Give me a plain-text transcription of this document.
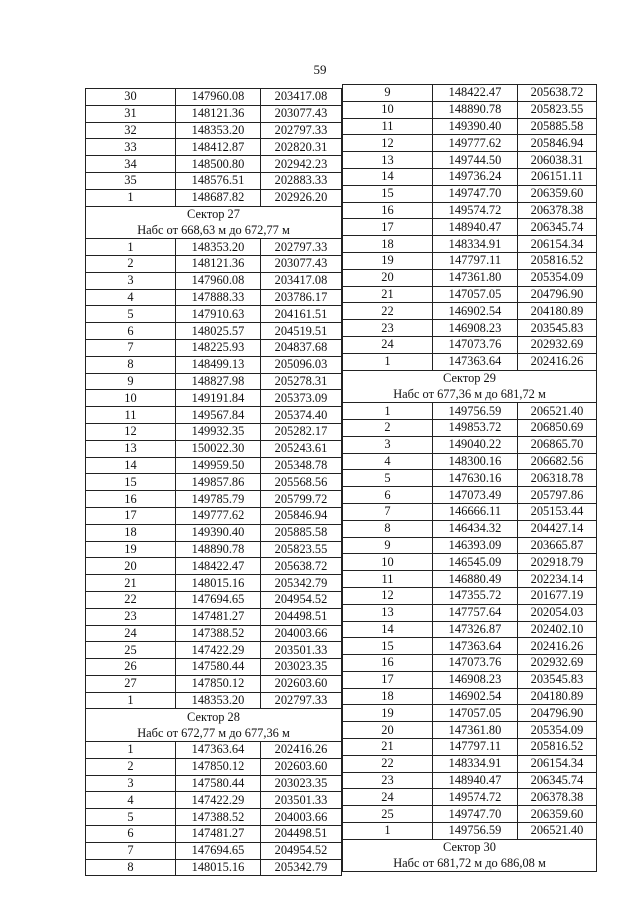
59
30	147960.08	203417.08
31	148121.36	203077.43
32	148353.20	202797.33
33	148412.87	202820.31
34	148500.80	202942.23
35	148576.51	202883.33
1	148687.82	202926.20
Сектор 27		
Набс от 668,63 м до 672,77 м		
1	148353.20	202797.33
2	148121.36	203077.43
3	147960.08	203417.08
4	147888.33	203786.17
5	147910.63	204161.51
6	148025.57	204519.51
7	148225.93	204837.68
8	148499.13	205096.03
9	148827.98	205278.31
10	149191.84	205373.09
11	149567.84	205374.40
12	149932.35	205282.17
13	150022.30	205243.61
14	149959.50	205348.78
15	149857.86	205568.56
16	149785.79	205799.72
17	149777.62	205846.94
18	149390.40	205885.58
19	148890.78	205823.55
20	148422.47	205638.72
21	148015.16	205342.79
22	147694.65	204954.52
23	147481.27	204498.51
24	147388.52	204003.66
25	147422.29	203501.33
26	147580.44	203023.35
27	147850.12	202603.60
1	148353.20	202797.33
Сектор 28		
Набс от 672,77 м до 677,36 м		
1	147363.64	202416.26
2	147850.12	202603.60
3	147580.44	203023.35
4	147422.29	203501.33
5	147388.52	204003.66
6	147481.27	204498.51
7	147694.65	204954.52
8	148015.16	205342.79
9	148422.47	205638.72
10	148890.78	205823.55
11	149390.40	205885.58
12	149777.62	205846.94
13	149744.50	206038.31
14	149736.24	206151.11
15	149747.70	206359.60
16	149574.72	206378.38
17	148940.47	206345.74
18	148334.91	206154.34
19	147797.11	205816.52
20	147361.80	205354.09
21	147057.05	204796.90
22	146902.54	204180.89
23	146908.23	203545.83
24	147073.76	202932.69
1	147363.64	202416.26
Сектор 29		
Набс от 677,36 м до 681,72 м		
1	149756.59	206521.40
2	149853.72	206850.69
3	149040.22	206865.70
4	148300.16	206682.56
5	147630.16	206318.78
6	147073.49	205797.86
7	146666.11	205153.44
8	146434.32	204427.14
9	146393.09	203665.87
10	146545.09	202918.79
11	146880.49	202234.14
12	147355.72	201677.19
13	147757.64	202054.03
14	147326.87	202402.10
15	147363.64	202416.26
16	147073.76	202932.69
17	146908.23	203545.83
18	146902.54	204180.89
19	147057.05	204796.90
20	147361.80	205354.09
21	147797.11	205816.52
22	148334.91	206154.34
23	148940.47	206345.74
24	149574.72	206378.38
25	149747.70	206359.60
1	149756.59	206521.40
Сектор 30		
Набс от 681,72 м до 686,08 м		
